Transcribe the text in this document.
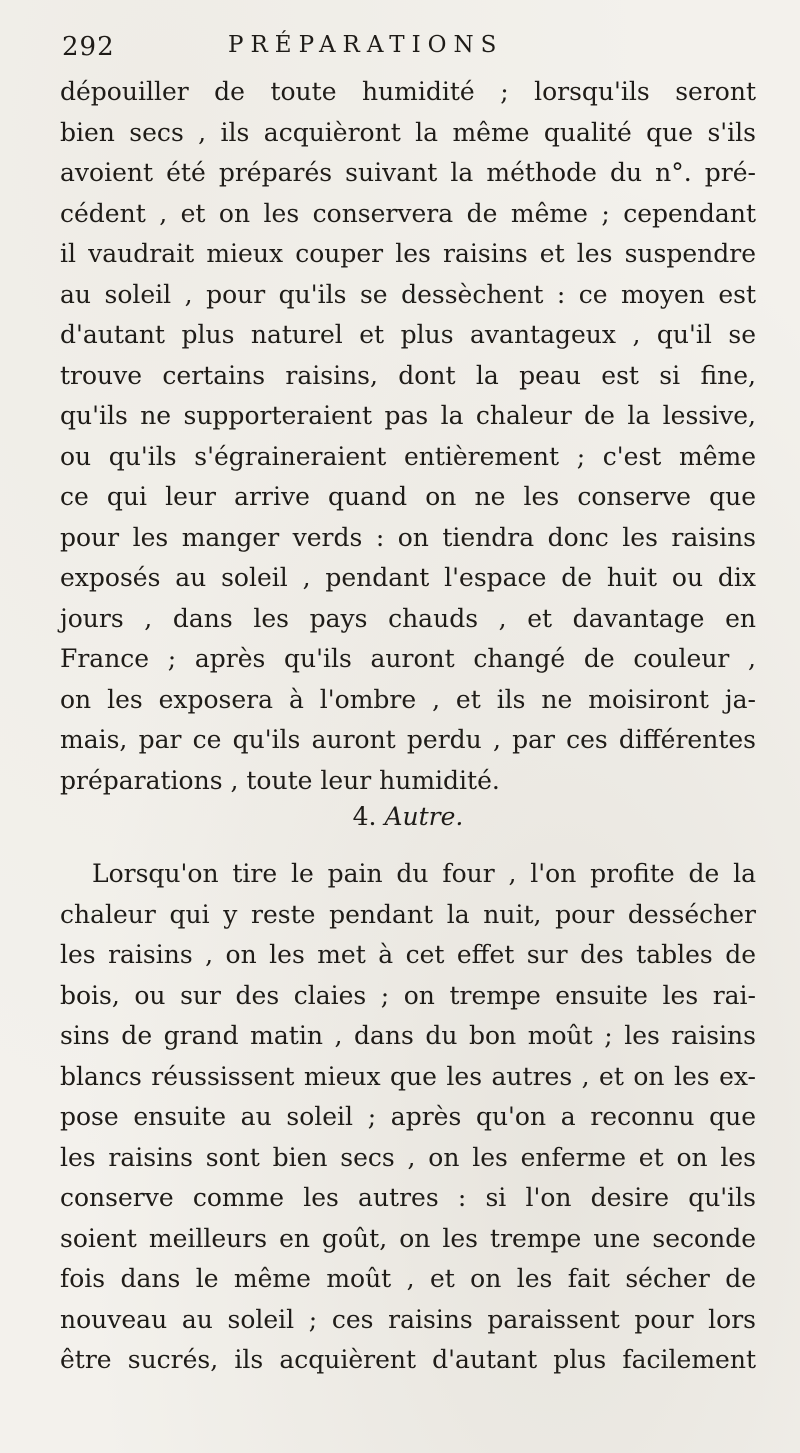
292	PRÉPARATIONS
dépouiller de toute humidité ; lorsqu'ils seront
bien secs , ils acquièront la même qualité que s'ils
avoient été préparés suivant la méthode du n°. pré-
cédent , et on les conservera de même ; cependant
il vaudrait mieux couper les raisins et les suspendre
au soleil , pour qu'ils se dessèchent : ce moyen est
d'autant plus naturel et plus avantageux , qu'il se
trouve certains raisins, dont la peau est si fine,
qu'ils ne supporteraient pas la chaleur de la lessive,
ou qu'ils s'égraineraient entièrement ; c'est même
ce qui leur arrive quand on ne les conserve que
pour les manger verds : on tiendra donc les raisins
exposés au soleil , pendant l'espace de huit ou dix
jours , dans les pays chauds , et davantage en
France ; après qu'ils auront changé de couleur ,
on les exposera à l'ombre , et ils ne moisiront ja-
mais, par ce qu'ils auront perdu , par ces différentes
préparations , toute leur humidité.
4. Autre.
Lorsqu'on tire le pain du four , l'on profite de la
chaleur qui y reste pendant la nuit, pour dessécher
les raisins , on les met à cet effet sur des tables de
bois, ou sur des claies ; on trempe ensuite les rai-
sins de grand matin , dans du bon moût ; les raisins
blancs réussissent mieux que les autres , et on les ex-
pose ensuite au soleil ; après qu'on a reconnu que
les raisins sont bien secs , on les enferme et on les
conserve comme les autres : si l'on desire qu'ils
soient meilleurs en goût, on les trempe une seconde
fois dans le même moût , et on les fait sécher de
nouveau au soleil ; ces raisins paraissent pour lors
être sucrés, ils acquièrent d'autant plus facilement
